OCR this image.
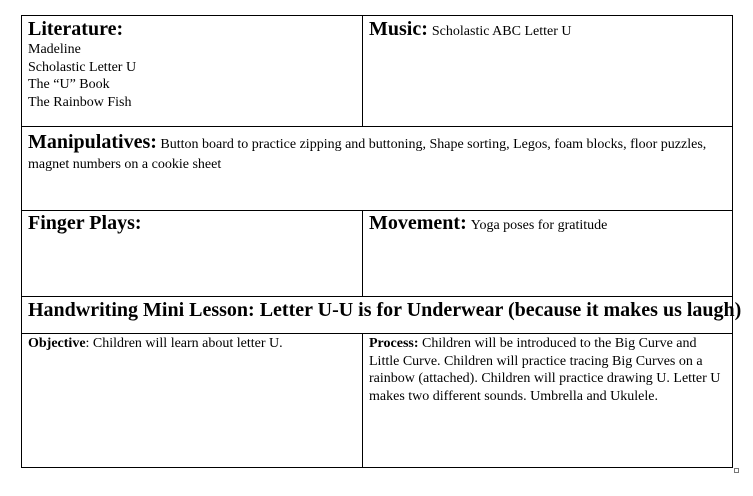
Literature:
Madeline
Scholastic Letter U
The “U” Book
The Rainbow Fish
Music: Scholastic ABC Letter U
Manipulatives: Button board to practice zipping and buttoning, Shape sorting, Legos, foam blocks, floor puzzles, magnet numbers on a cookie sheet
Finger Plays:	Movement: Yoga poses for gratitude
Handwriting Mini Lesson: Letter U-U is for Underwear (because it makes us laugh)
Objective: Children will learn about letter U.	Process: Children will be introduced to the Big Curve and Little Curve. Children will practice tracing Big Curves on a rainbow (attached). Children will practice drawing U. Letter U makes two different sounds. Umbrella and Ukulele.
